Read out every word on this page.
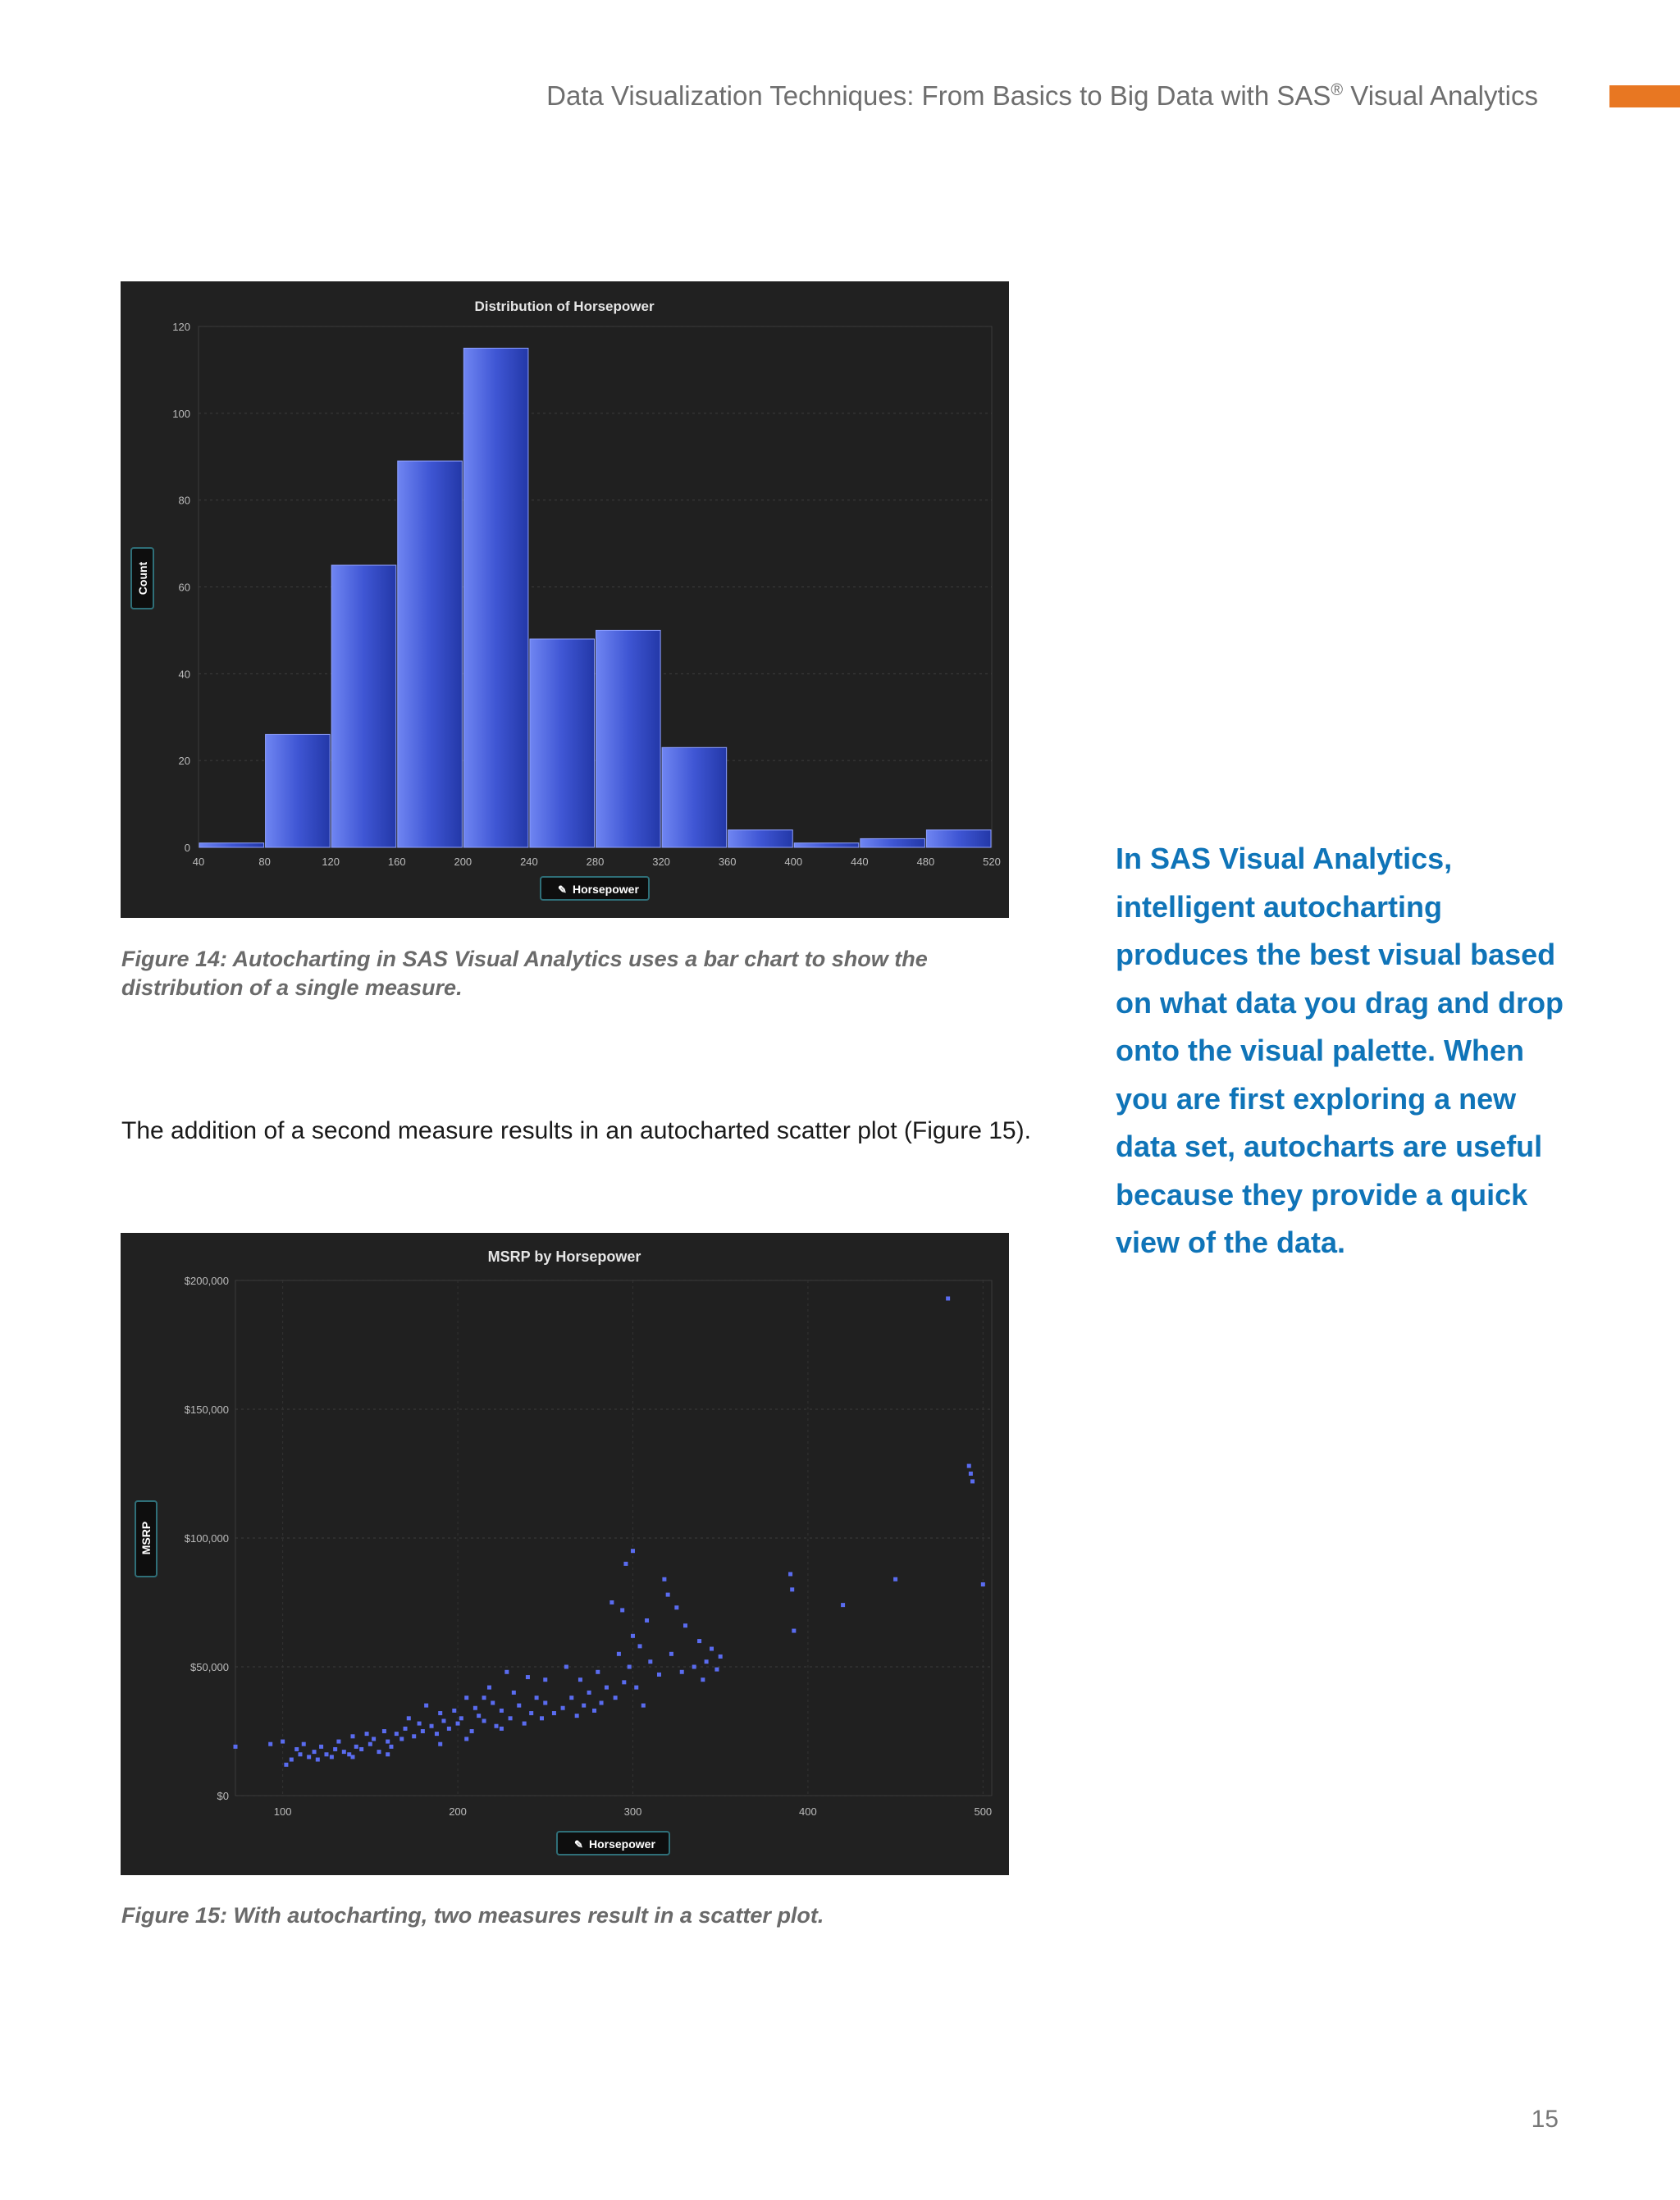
Data Visualization Techniques: From Basics to Big Data with SAS® Visual Analytics
Distribution of Horsepower
0
20
40
60
80
100
120
40	80	120	160	200	240	280	320	360	400	440	480	520
✎ Horsepower
Count
Figure 14: Autocharting in SAS Visual Analytics uses a bar chart to show the distribution of a single measure.
The addition of a second measure results in an autocharted scatter plot (Figure 15).
MSRP by Horsepower
$0
$50,000
$100,000
$150,000
$200,000
100	200	300	400	500
✎ Horsepower
MSRP
Figure 15: With autocharting, two measures result in a scatter plot.
In SAS Visual Analytics, intelligent autocharting produces the best visual based on what data you drag and drop onto the visual palette. When you are first exploring a new data set, autocharts are useful because they provide a quick view of the data.
15
